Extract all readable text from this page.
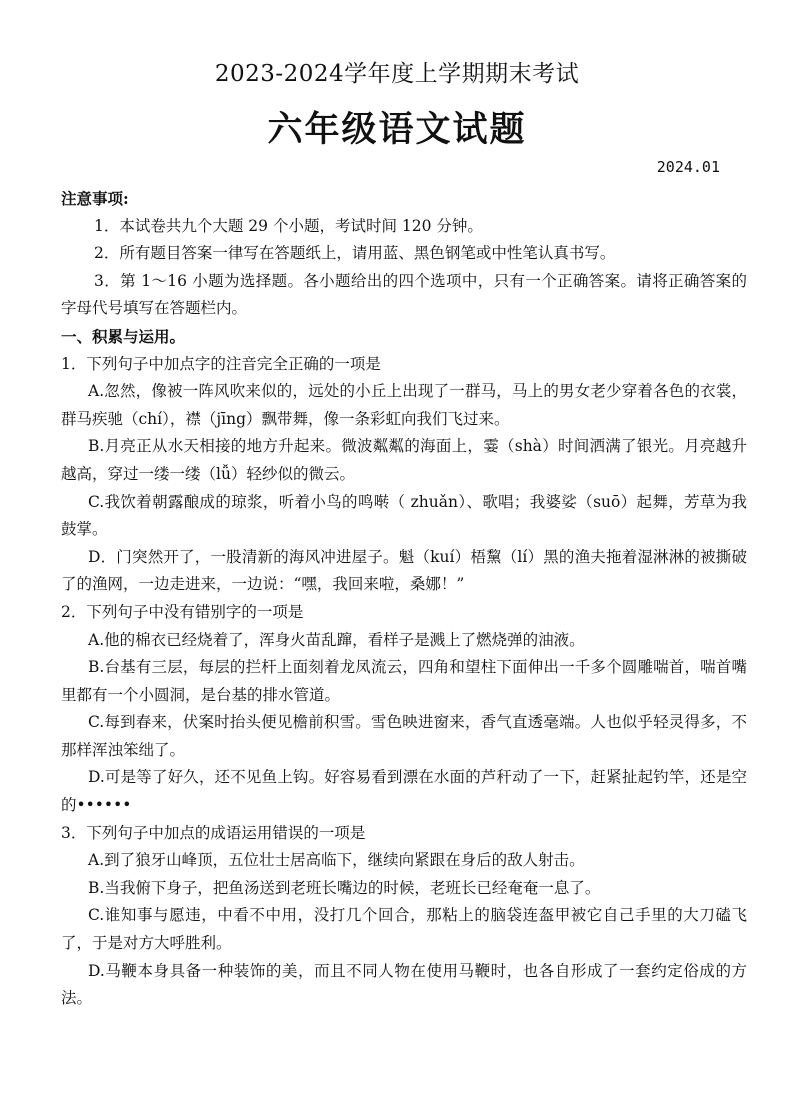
2023-2024学年度上学期期末考试
六年级语文试题
2024.01

注意事项:

1．本试卷共九个大题 29 个小题，考试时间 120 分钟。

2．所有题目答案一律写在答题纸上，请用蓝、黑色钢笔或中性笔认真书写。

3．第 1～16 小题为选择题。各小题给出的四个选项中，只有一个正确答案。请将正确答案的字母代号填写在答题栏内。

一、积累与运用。

1．下列句子中加点字的注音完全正确的一项是

A.忽然，像被一阵风吹来似的，远处的小丘上出现了一群马，马上的男女老少穿着各色的衣裳，群马疾驰（chí），襟（jīng）飘带舞，像一条彩虹向我们飞过来。

B.月亮正从水天相接的地方升起来。微波粼粼的海面上，霎（shà）时间洒满了银光。月亮越升越高，穿过一缕一缕（lǚ）轻纱似的微云。

C.我饮着朝露酿成的琼浆，听着小鸟的鸣啭（ zhuǎn）、歌唱；我婆娑（suō）起舞，芳草为我鼓掌。

D．门突然开了，一股清新的海风冲进屋子。魁（kuí）梧黧（lí）黑的渔夫拖着湿淋淋的被撕破了的渔网，一边走进来，一边说：“嘿，我回来啦，桑娜！”

2．下列句子中没有错别字的一项是

A.他的棉衣已经烧着了，浑身火苗乱蹿，看样子是溅上了燃烧弹的油液。

B.台基有三层，每层的拦杆上面刻着龙凤流云，四角和望柱下面伸出一千多个圆雕喘首，喘首嘴里都有一个小圆洞，是台基的排水管道。

C.每到春来，伏案时抬头便见檐前积雪。雪色映进窗来，香气直透毫端。人也似乎轻灵得多，不那样浑浊笨绌了。

D.可是等了好久，还不见鱼上钩。好容易看到漂在水面的芦秆动了一下，赶紧扯起钓竿，还是空的••••••

3．下列句子中加点的成语运用错误的一项是

A.到了狼牙山峰顶，五位壮士居高临下，继续向紧跟在身后的敌人射击。

B.当我俯下身子，把鱼汤送到老班长嘴边的时候，老班长已经奄奄一息了。

C.谁知事与愿违，中看不中用，没打几个回合，那粘上的脑袋连盔甲被它自己手里的大刀磕飞了，于是对方大呼胜利。

D.马鞭本身具备一种装饰的美，而且不同人物在使用马鞭时，也各自形成了一套约定俗成的方法。
